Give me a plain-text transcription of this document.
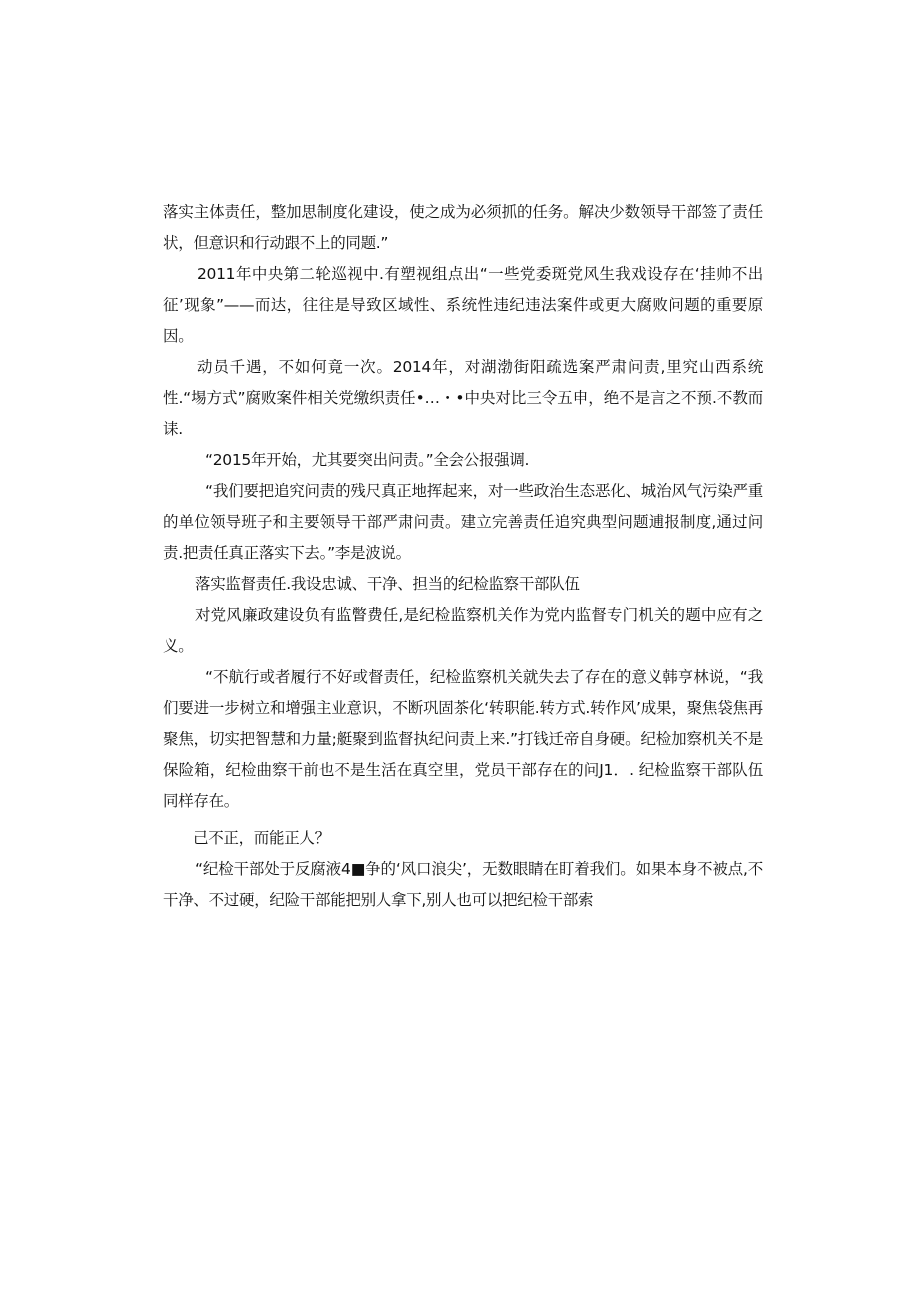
落实主体责任，整加思制度化建设，使之成为必须抓的任务。解决少数领导干部签了责任状，但意识和行动跟不上的同题.”

2011年中央第二轮巡视中.有塑视组点出“一些党委斑党风生我戏设存在‘挂帅不出征’现象”——而达，往往是导致区域性、系统性违纪违法案件或更大腐败问题的重要原因。

动员千遇，不如何竟一次。2014年，对湖渤街阳疏选案严肃问责,里究山西系统性.“埸方式”腐败案件相关党缴织责任•…・•中央对比三令五申，绝不是言之不预.不教而诔.

“2015年开始，尤其要突出问责。”全会公报强调.

“我们要把追究问责的残尺真正地挥起来，对一些政治生态恶化、城治风气污染严重的单位领导班子和主要领导干部严肃问责。建立完善责任追究典型问题逋报制度,通过问责.把责任真正落实下去。”李是波说。

落实监督责任.我设忠诚、干净、担当的纪检监察干部队伍

对党风廉政建设负有监瞥费任,是纪检监察机关作为党内监督专门机关的题中应有之义。

“不航行或者履行不好或督责任，纪检监察机关就失去了存在的意义韩亨林说，“我们要进一步树立和增强主业意识，不断巩固茶化‘转职能.转方式.转作风’成果，聚焦袋焦再聚焦，切实把智慧和力量;艇聚到监督执纪问责上来.”打钱迁帝自身硬。纪检加察机关不是保险箱，纪检曲察干前也不是生活在真空里，党员干部存在的问J1．. 纪检监察干部队伍同样存在。

己不正，而能正人？

“纪检干部处于反腐液4■争的‘风口浪尖’，无数眼睛在盯着我们。如果本身不被点,不干净、不过硬，纪险干部能把别人拿下,别人也可以把纪检干部索
